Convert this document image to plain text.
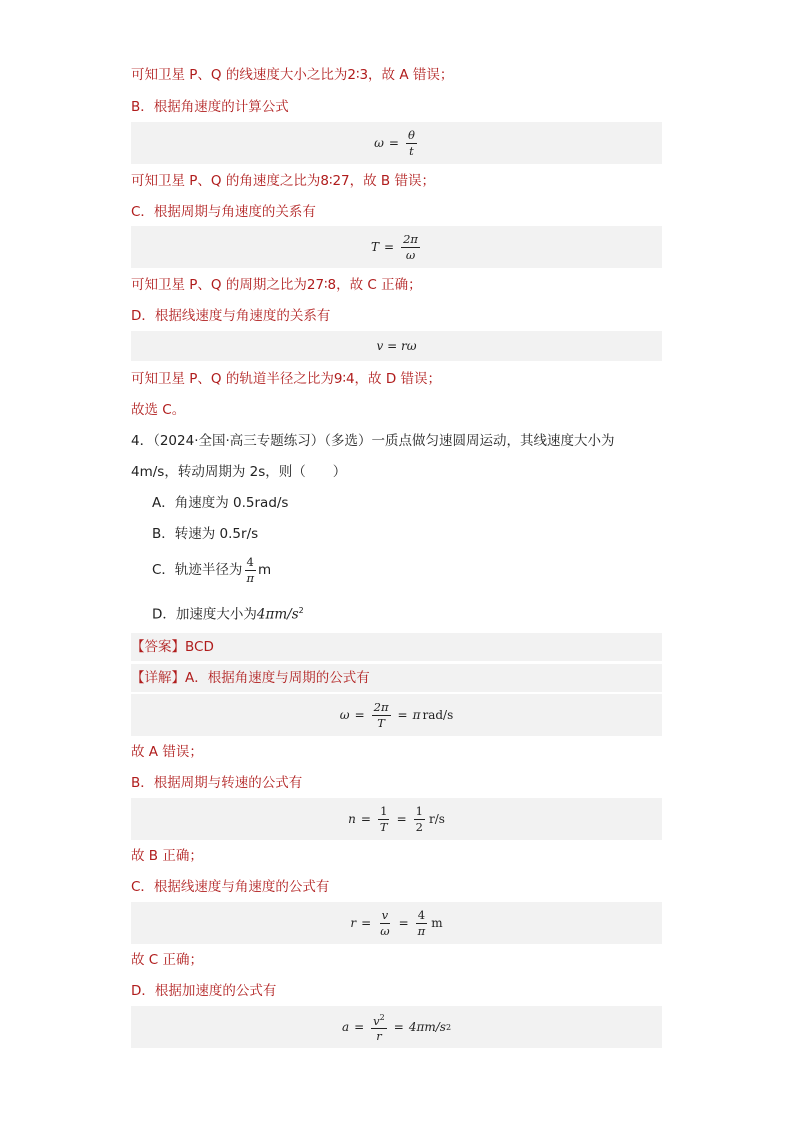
可知卫星 P、Q 的线速度大小之比为2∶3，故 A 错误；
B．根据角速度的计算公式
$\omega = \frac{\theta}{t}$
可知卫星 P、Q 的角速度之比为8∶27，故 B 错误；
C．根据周期与角速度的关系有
$T = \frac{2\pi}{\omega}$
可知卫星 P、Q 的周期之比为27∶8，故 C 正确；
D．根据线速度与角速度的关系有
v = rω
可知卫星 P、Q 的轨道半径之比为9∶4，故 D 错误；
故选 C。
4．（2024·全国·高三专题练习）（多选）一质点做匀速圆周运动，其线速度大小为
4m/s，转动周期为 2s，则（　　）
A．角速度为 0.5rad/s
B．转速为 0.5r/s
C．轨迹半径为 $\frac{4}{\pi}$ m
D．加速度大小为$4\pi m/s^2$
【答案】BCD
【详解】A．根据角速度与周期的公式有
$\omega = \frac{2\pi}{T} = \pi$ rad/s
故 A 错误；
B．根据周期与转速的公式有
$n = \frac{1}{T} = \frac{1}{2} r/s$
故 B 正确；
C．根据线速度与角速度的公式有
$r = \frac{v}{\omega} = \frac{4}{\pi}$ m
故 C 正确；
D．根据加速度的公式有
$a = \frac{v^2}{r} = 4\pi$ m/s 2
